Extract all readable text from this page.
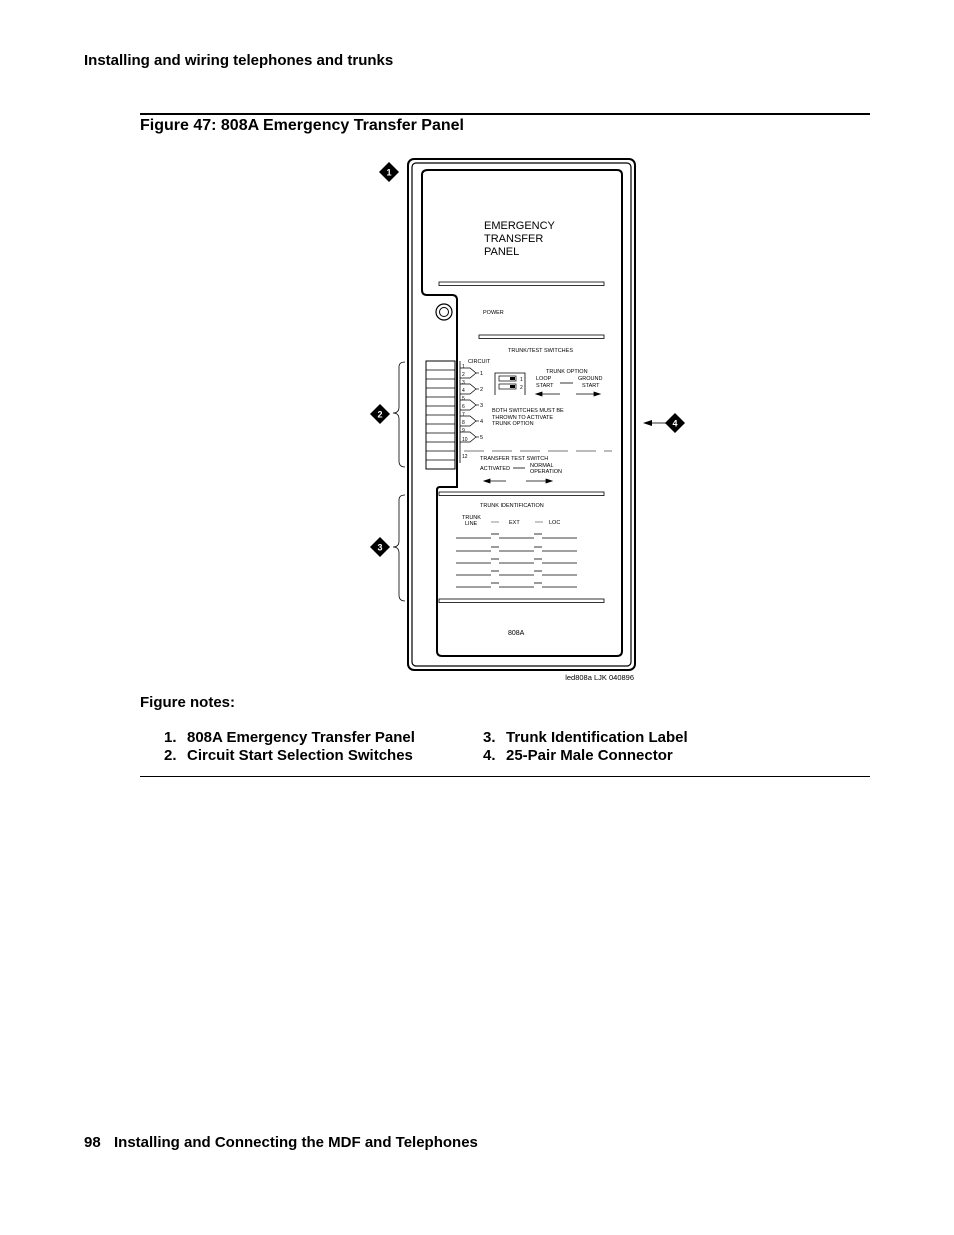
Installing and wiring telephones and trunks
Figure 47: 808A Emergency Transfer Panel
EMERGENCY
TRANSFER
PANEL
POWER
TRUNK/TEST SWITCHES
CIRCUIT
1
2
3
4
5
6
7
8
9
10
12
1
2
3
4
5
1
2
TRUNK OPTION
LOOP
START
GROUND
START
BOTH SWITCHES MUST BE
THROWN TO ACTIVATE
TRUNK OPTION
TRANSFER TEST SWITCH
ACTIVATED	NORMAL
OPERATION
TRUNK IDENTIFICATION
TRUNK
LINE	EXT	LOC
808A
1
2
3
4
led808a LJK 040896
Figure notes:
1. 808A Emergency Transfer Panel
2. Circuit Start Selection Switches
3. Trunk Identification Label
4. 25-Pair Male Connector
98 Installing and Connecting the MDF and Telephones
